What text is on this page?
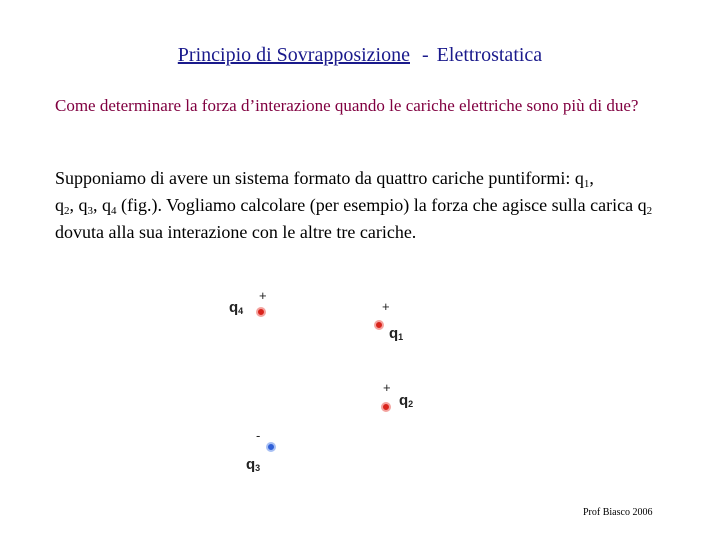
Principio di Sovrapposizione - Elettrostatica
Come determinare la forza d’interazione quando le cariche elettriche sono più di due?
Supponiamo di avere un sistema formato da quattro cariche puntiformi: $q_1$,
$q_2$, $q_3$, $q_4$ (fig.). Vogliamo calcolare (per esempio) la forza che agisce sulla carica $q_2$ dovuta alla sua interazione con le altre tre cariche.
$q_4$
+
+
$q_1$
+
$q_2$
-
$q_3$
Prof Biasco 2006
